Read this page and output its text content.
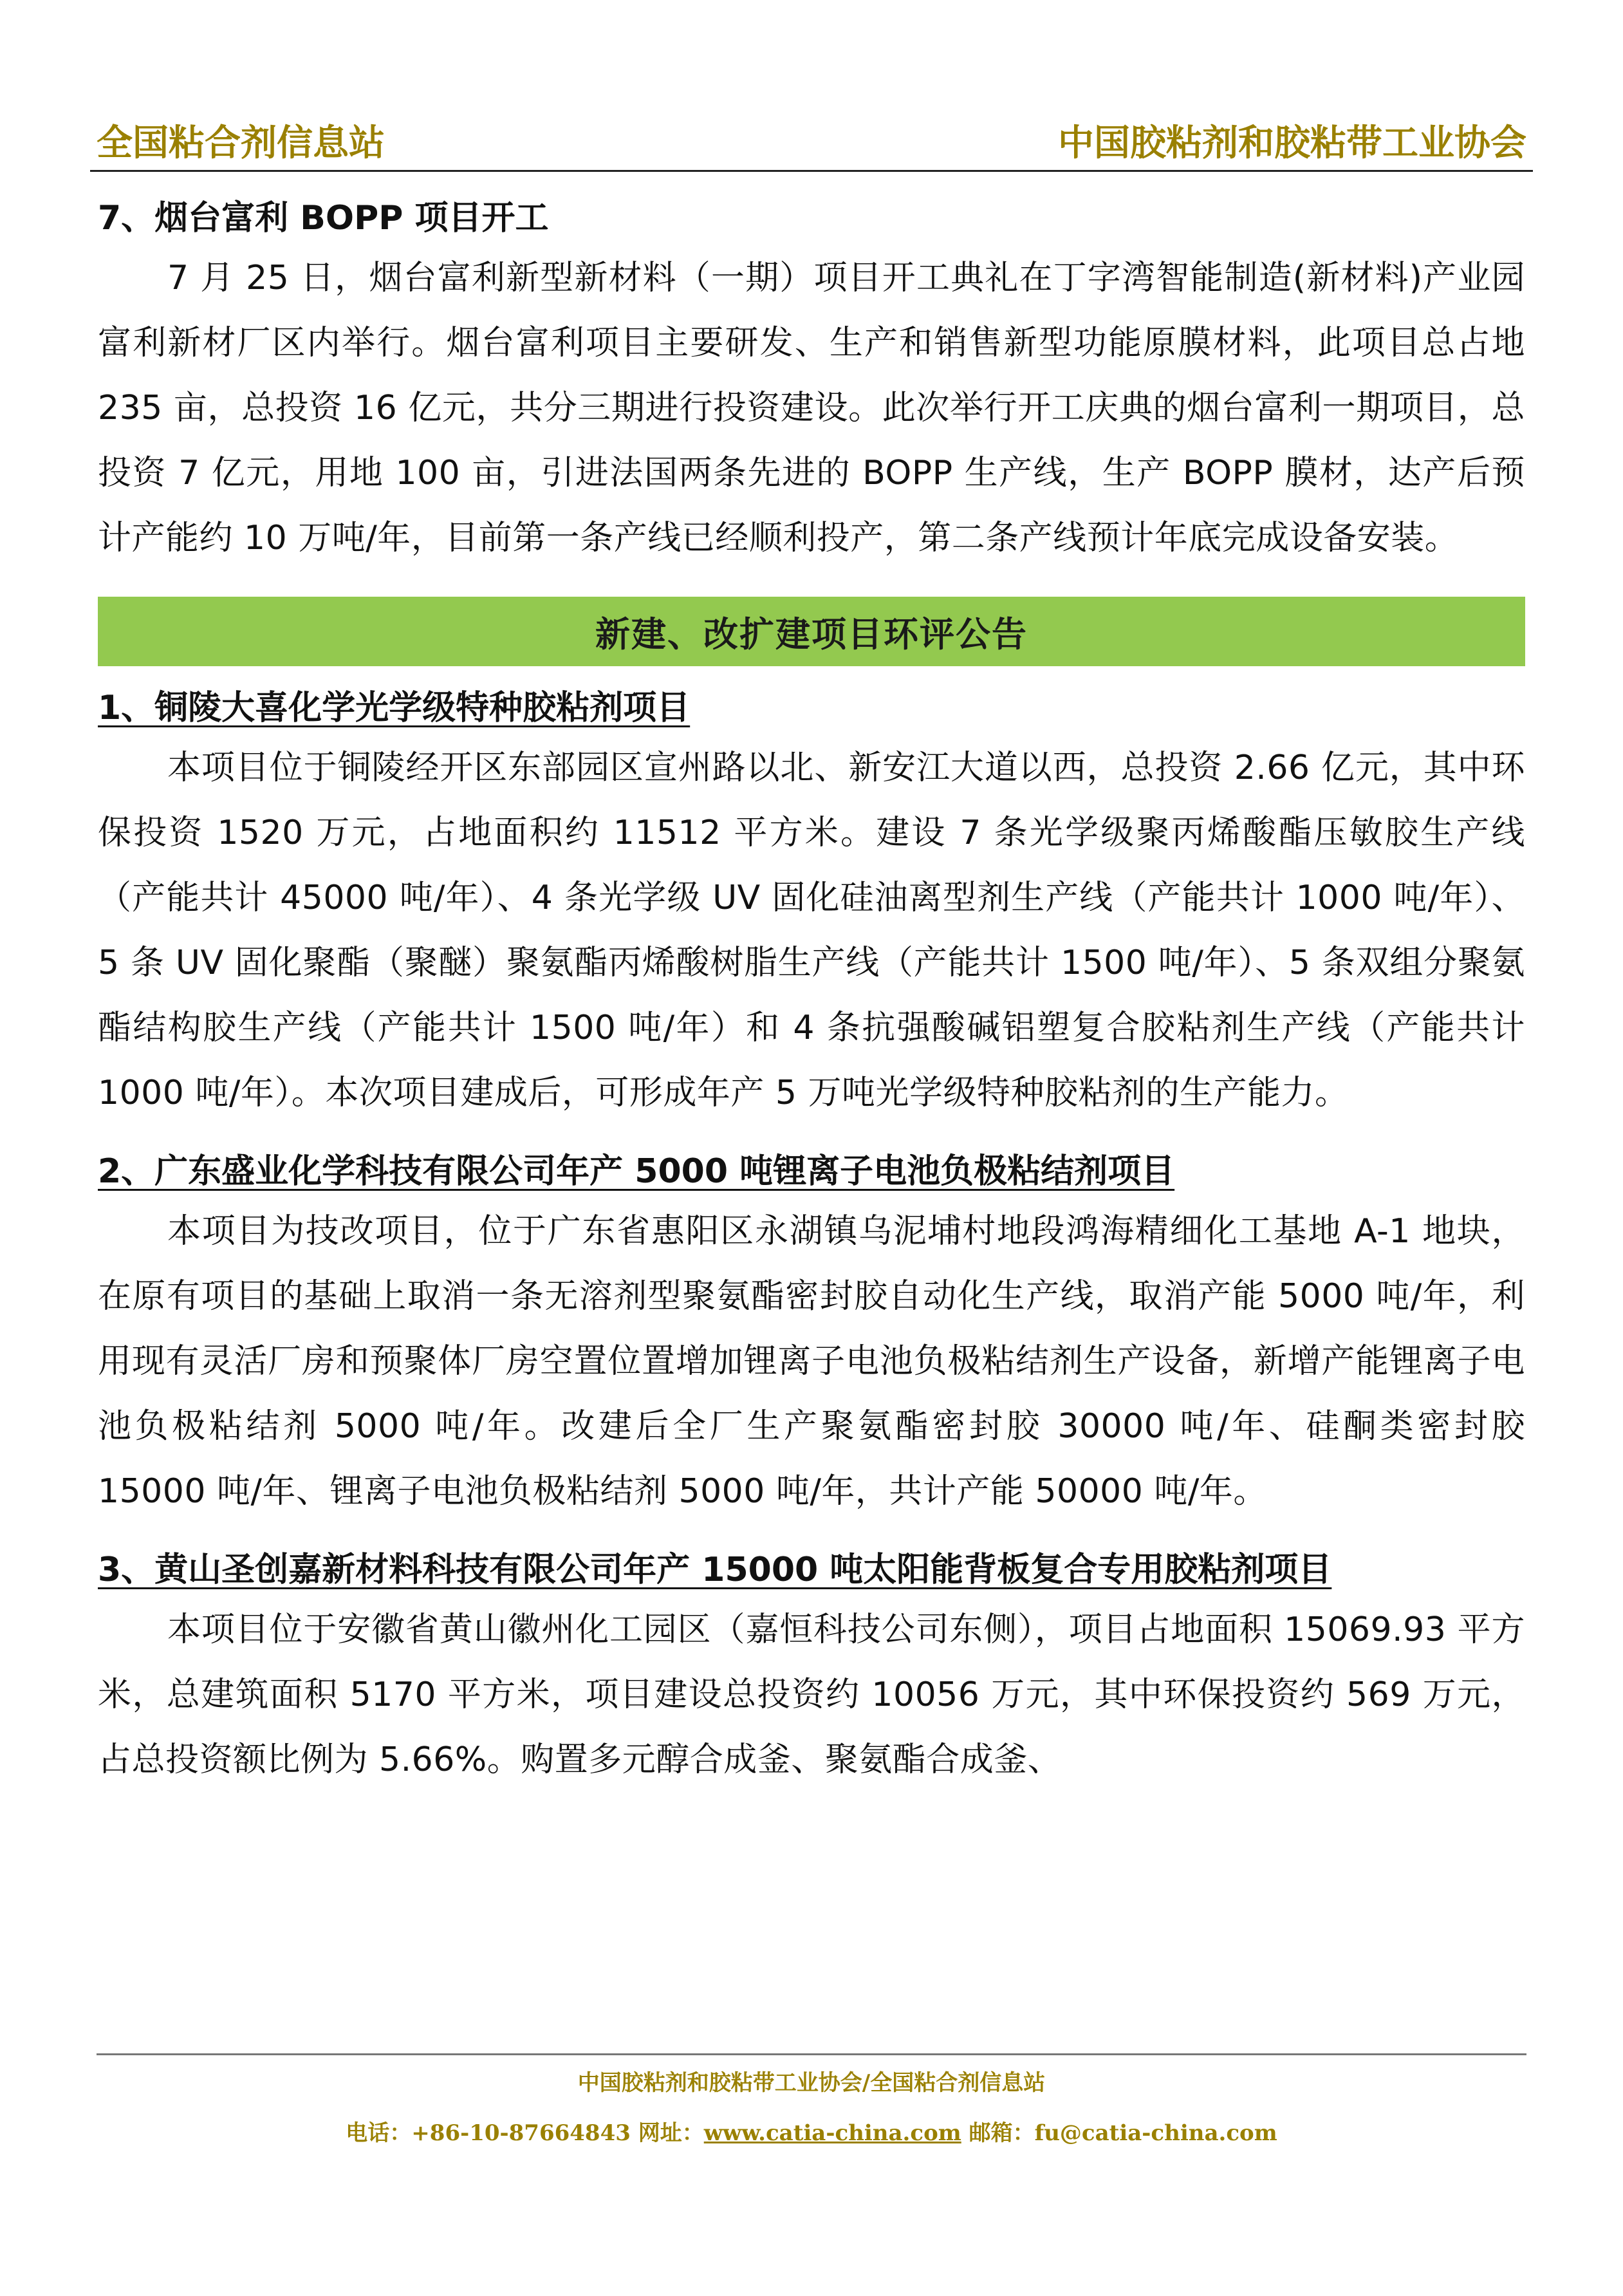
全国粘合剂信息站	中国胶粘剂和胶粘带工业协会
7、烟台富利 BOPP 项目开工

7 月 25 日，烟台富利新型新材料（一期）项目开工典礼在丁字湾智能制造(新材料)产业园富利新材厂区内举行。烟台富利项目主要研发、生产和销售新型功能原膜材料，此项目总占地 235 亩，总投资 16 亿元，共分三期进行投资建设。此次举行开工庆典的烟台富利一期项目，总投资 7 亿元，用地 100 亩，引进法国两条先进的 BOPP 生产线，生产 BOPP 膜材，达产后预计产能约 10 万吨/年，目前第一条产线已经顺利投产，第二条产线预计年底完成设备安装。

新建、改扩建项目环评公告
1、铜陵大喜化学光学级特种胶粘剂项目

本项目位于铜陵经开区东部园区宣州路以北、新安江大道以西，总投资 2.66 亿元，其中环保投资 1520 万元，占地面积约 11512 平方米。建设 7 条光学级聚丙烯酸酯压敏胶生产线（产能共计 45000 吨/年）、4 条光学级 UV 固化硅油离型剂生产线（产能共计 1000 吨/年）、5 条 UV 固化聚酯（聚醚）聚氨酯丙烯酸树脂生产线（产能共计 1500 吨/年）、5 条双组分聚氨酯结构胶生产线（产能共计 1500 吨/年）和 4 条抗强酸碱铝塑复合胶粘剂生产线（产能共计 1000 吨/年）。本次项目建成后，可形成年产 5 万吨光学级特种胶粘剂的生产能力。

2、广东盛业化学科技有限公司年产 5000 吨锂离子电池负极粘结剂项目

本项目为技改项目，位于广东省惠阳区永湖镇乌泥埔村地段鸿海精细化工基地 A-1 地块，在原有项目的基础上取消一条无溶剂型聚氨酯密封胶自动化生产线，取消产能 5000 吨/年，利用现有灵活厂房和预聚体厂房空置位置增加锂离子电池负极粘结剂生产设备，新增产能锂离子电池负极粘结剂 5000 吨/年。改建后全厂生产聚氨酯密封胶 30000 吨/年、硅酮类密封胶 15000 吨/年、锂离子电池负极粘结剂 5000 吨/年，共计产能 50000 吨/年。

3、黄山圣创嘉新材料科技有限公司年产 15000 吨太阳能背板复合专用胶粘剂项目

本项目位于安徽省黄山徽州化工园区（嘉恒科技公司东侧），项目占地面积 15069.93 平方米，总建筑面积 5170 平方米，项目建设总投资约 10056 万元，其中环保投资约 569 万元，占总投资额比例为 5.66%。购置多元醇合成釜、聚氨酯合成釜、

中国胶粘剂和胶粘带工业协会/全国粘合剂信息站
电话：+86-10-87664843 网址：www.catia-china.com 邮箱：fu@catia-china.com
